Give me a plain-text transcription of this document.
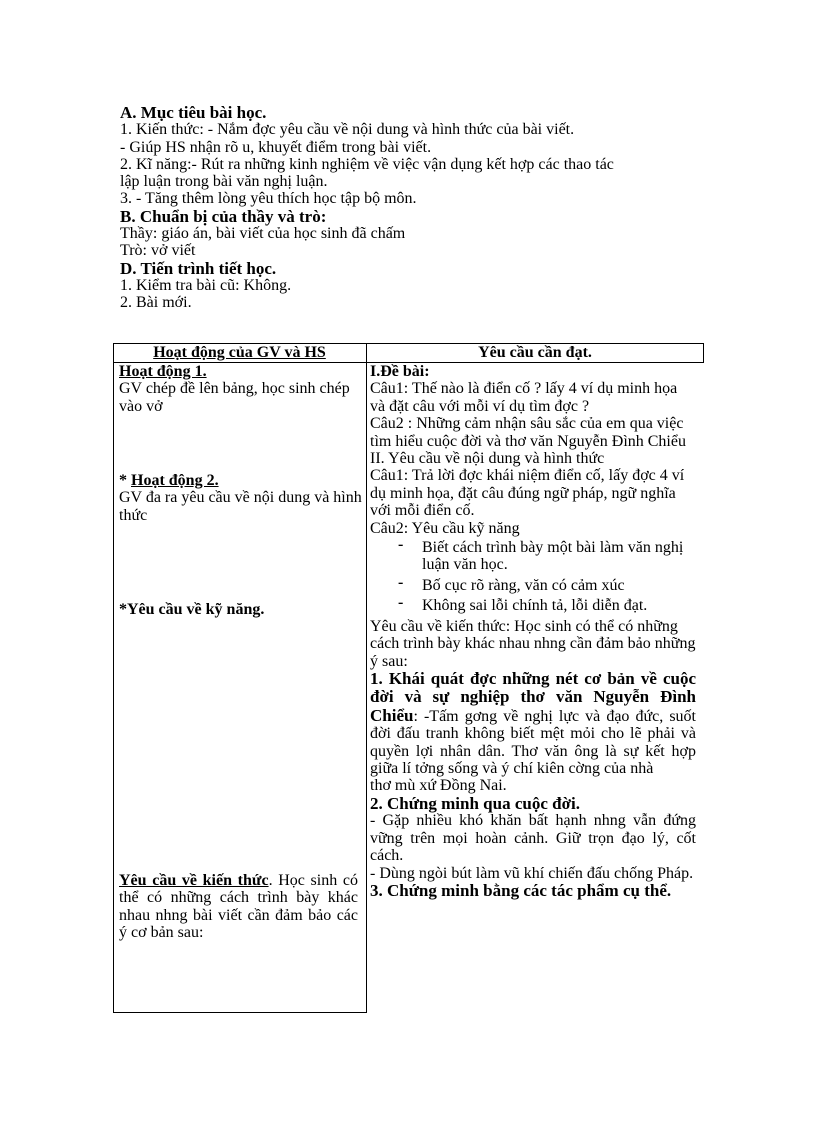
A. Mục tiêu bài học.
1. Kiến thức: - Nắm đợc yêu cầu về nội dung và hình thức của bài viết.
- Giúp HS nhận rõ u, khuyết điểm trong bài viết.
2. Kĩ năng:- Rút ra những kinh nghiệm về việc vận dụng kết hợp các thao tác
lập luận trong bài văn nghị luận.
3. - Tăng thêm lòng yêu thích học tập bộ môn.
B. Chuẩn bị của thầy và trò:
Thầy: giáo án, bài viết của học sinh đã chấm
Trò: vở viết
D. Tiến trình tiết học.
1. Kiểm tra bài cũ: Không.
2. Bài mới.
Hoạt động của GV và HS	Yêu cầu cần đạt.
Hoạt động 1.
GV chép đề lên bảng, học sinh chép vào vở
* Hoạt động 2.
GV đa ra yêu cầu về nội dung và hình thức
*Yêu cầu về kỹ năng.
Yêu cầu về kiến thức. Học sinh có thể có những cách trình bày khác nhau nhng bài viết cần đảm bảo các ý cơ bản sau:
I.Đề bài:
Câu1: Thế nào là điển cố ? lấy 4 ví dụ minh họa và đặt câu với mỗi ví dụ tìm đợc ?
Câu2 : Những cảm nhận sâu sắc của em qua việc tìm hiểu cuộc đời và thơ văn Nguyễn Đình Chiểu
II. Yêu cầu về nội dung và hình thức
Câu1: Trả lời đợc khái niệm điển cố, lấy đợc 4 ví dụ minh họa, đặt câu đúng ngữ pháp, ngữ nghĩa với mỗi điển cố.
Câu2: Yêu cầu kỹ năng
- Biết cách trình bày một bài làm văn nghị luận văn học.
- Bố cục rõ ràng, văn có cảm xúc
- Không sai lỗi chính tả, lỗi diễn đạt.
Yêu cầu về kiến thức: Học sinh có thể có những cách trình bày khác nhau nhng cần đảm bảo những ý sau:
1. Khái quát đợc những nét cơ bản về cuộc đời và sự nghiệp thơ văn Nguyễn Đình Chiểu: -Tấm gơng về nghị lực và đạo đức, suốt đời đấu tranh không biết mệt mỏi cho lẽ phải và quyền lợi nhân dân. Thơ văn ông là sự kết hợp giữa lí tởng sống và ý chí kiên cờng của nhà
thơ mù xứ Đồng Nai.
2. Chứng minh qua cuộc đời.
- Gặp nhiều khó khăn bất hạnh nhng vẫn đứng vững trên mọi hoàn cảnh. Giữ trọn đạo lý, cốt cách.
- Dùng ngòi bút làm vũ khí chiến đấu chống Pháp.
3. Chứng minh bằng các tác phẩm cụ thể.
